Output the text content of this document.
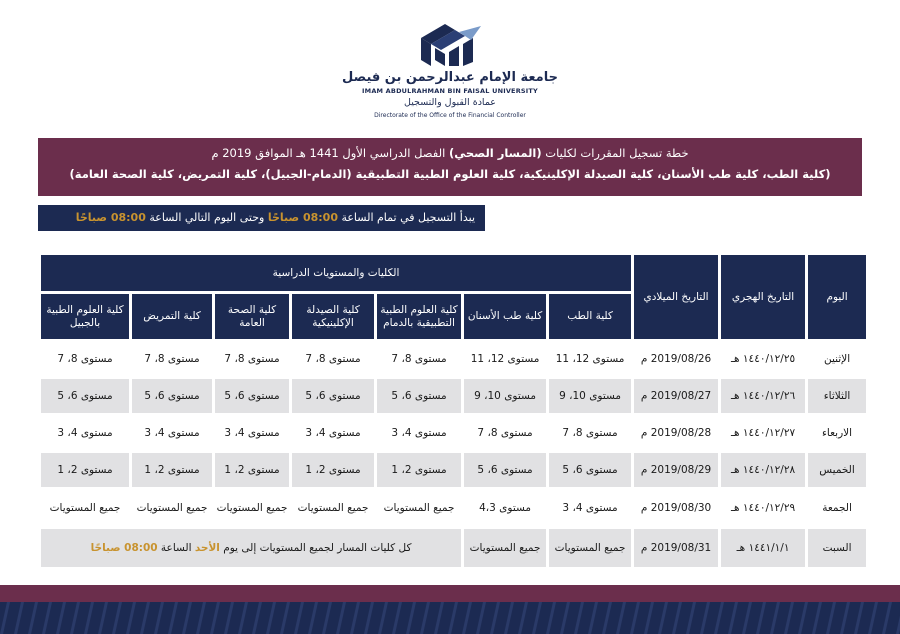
جامعة الإمام عبدالرحمن بن فيصل
IMAM ABDULRAHMAN BIN FAISAL UNIVERSITY
عمادة القبول والتسجيل
Directorate of the Office of the Financial Controller
خطة تسجيل المقررات لكليات (المسار الصحي) الفصل الدراسي الأول 1441 هـ الموافق 2019 م
(كلية الطب، كلية طب الأسنان، كلية الصيدلة الإكلينيكية، كلية العلوم الطبية التطبيقية (الدمام-الجبيل)، كلية التمريض، كلية الصحة العامة)
يبدأ التسجيل في تمام الساعة 08:00 صباحًا وحتى اليوم التالي الساعة 08:00 صباحًا
اليوم	التاريخ الهجري	التاريخ الميلادي	الكليات والمستويات الدراسية						
			كلية الطب	كلية طب الأسنان	كلية العلوم الطبية التطبيقية بالدمام	كلية الصيدلة الإكلينيكية	كلية الصحة العامة	كلية التمريض	كلية العلوم الطبية بالجبيل
الإثنين	١٤٤٠/١٢/٢٥ هـ	2019/08/26 م	مستوى 12، 11	مستوى 12، 11	مستوى 8، 7	مستوى 8، 7	مستوى 8، 7	مستوى 8، 7	مستوى 8، 7
الثلاثاء	١٤٤٠/١٢/٢٦ هـ	2019/08/27 م	مستوى 10، 9	مستوى 10، 9	مستوى 6، 5	مستوى 6، 5	مستوى 6، 5	مستوى 6، 5	مستوى 6، 5
الاربعاء	١٤٤٠/١٢/٢٧ هـ	2019/08/28 م	مستوى 8، 7	مستوى 8، 7	مستوى 4، 3	مستوى 4، 3	مستوى 4، 3	مستوى 4، 3	مستوى 4، 3
الخميس	١٤٤٠/١٢/٢٨ هـ	2019/08/29 م	مستوى 6، 5	مستوى 6، 5	مستوى 2، 1	مستوى 2، 1	مستوى 2، 1	مستوى 2، 1	مستوى 2، 1
الجمعة	١٤٤٠/١٢/٢٩ هـ	2019/08/30 م	مستوى 4، 3	مستوى 4،3	جميع المستويات	جميع المستويات	جميع المستويات	جميع المستويات	جميع المستويات
السبت	١٤٤١/١/١ هـ	2019/08/31 م	جميع المستويات	جميع المستويات	كل كليات المسار لجميع المستويات إلى يوم الأحد الساعة 08:00 صباحًا				
